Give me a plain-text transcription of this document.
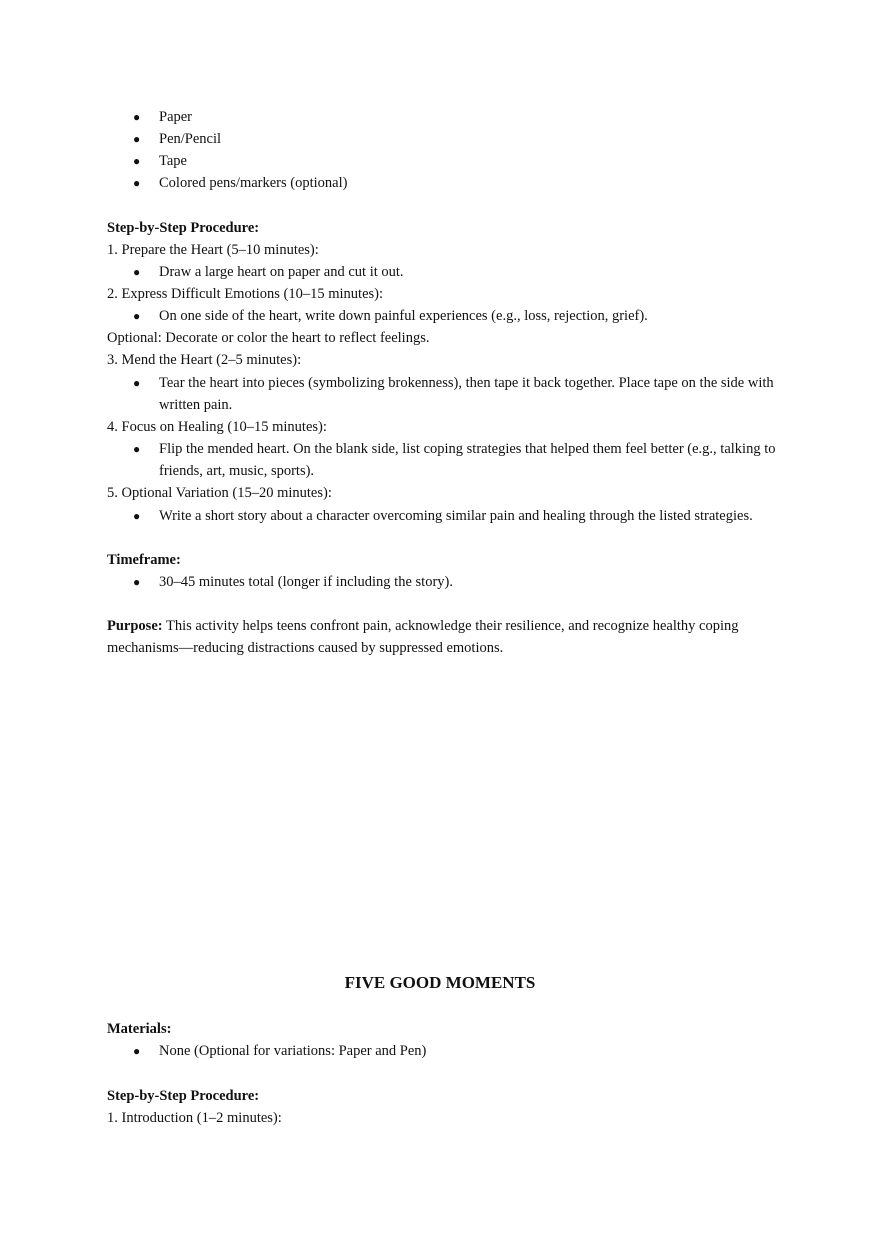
● Paper
● Pen/Pencil
● Tape
● Colored pens/markers (optional)
Step-by-Step Procedure:
1. Prepare the Heart (5–10 minutes):
● Draw a large heart on paper and cut it out.
2. Express Difficult Emotions (10–15 minutes):
● On one side of the heart, write down painful experiences (e.g., loss, rejection, grief).
Optional: Decorate or color the heart to reflect feelings.
3. Mend the Heart (2–5 minutes):
● Tear the heart into pieces (symbolizing brokenness), then tape it back together. Place tape on the side with
written pain.
4. Focus on Healing (10–15 minutes):
● Flip the mended heart. On the blank side, list coping strategies that helped them feel better (e.g., talking to
friends, art, music, sports).
5. Optional Variation (15–20 minutes):
● Write a short story about a character overcoming similar pain and healing through the listed strategies.
Timeframe:
● 30–45 minutes total (longer if including the story).
Purpose: This activity helps teens confront pain, acknowledge their resilience, and recognize healthy coping
mechanisms—reducing distractions caused by suppressed emotions.
FIVE GOOD MOMENTS
Materials:
● None (Optional for variations: Paper and Pen)
Step-by-Step Procedure:
1. Introduction (1–2 minutes):
